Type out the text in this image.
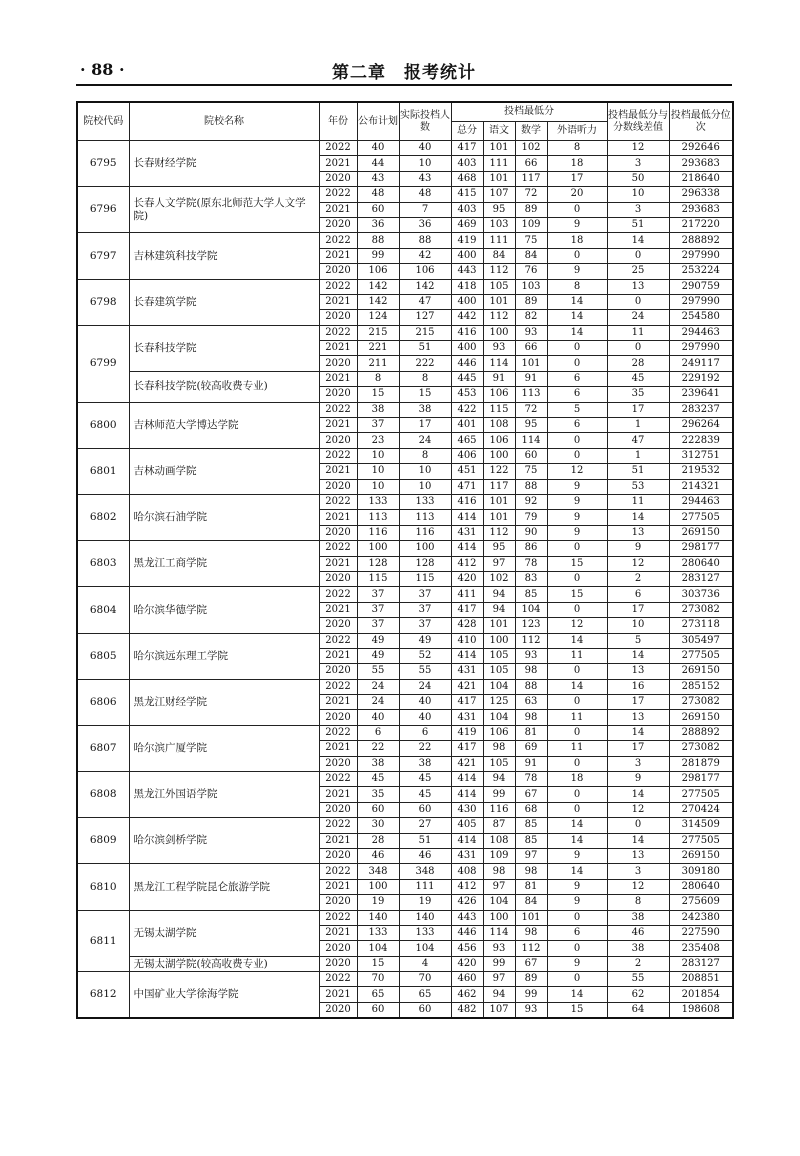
· 88 ·	第二章　报考统计
院校代码	院校名称	年份	公布计划	实际投档人数	投档最低分				投档最低分与分数线差值	投档最低分位次
					总分	语文	数学	外语听力		
6795	长春财经学院	2022	40	40	417	101	102	8	12	292646
		2021	44	10	403	111	66	18	3	293683
		2020	43	43	468	101	117	17	50	218640
6796	长春人文学院(原东北师范大学人文学院)	2022	48	48	415	107	72	20	10	296338
		2021	60	7	403	95	89	0	3	293683
		2020	36	36	469	103	109	9	51	217220
6797	吉林建筑科技学院	2022	88	88	419	111	75	18	14	288892
		2021	99	42	400	84	84	0	0	297990
		2020	106	106	443	112	76	9	25	253224
6798	长春建筑学院	2022	142	142	418	105	103	8	13	290759
		2021	142	47	400	101	89	14	0	297990
		2020	124	127	442	112	82	14	24	254580
6799	长春科技学院	2022	215	215	416	100	93	14	11	294463
		2021	221	51	400	93	66	0	0	297990
		2020	211	222	446	114	101	0	28	249117
	长春科技学院(较高收费专业)	2021	8	8	445	91	91	6	45	229192
		2020	15	15	453	106	113	6	35	239641
6800	吉林师范大学博达学院	2022	38	38	422	115	72	5	17	283237
		2021	37	17	401	108	95	6	1	296264
		2020	23	24	465	106	114	0	47	222839
6801	吉林动画学院	2022	10	8	406	100	60	0	1	312751
		2021	10	10	451	122	75	12	51	219532
		2020	10	10	471	117	88	9	53	214321
6802	哈尔滨石油学院	2022	133	133	416	101	92	9	11	294463
		2021	113	113	414	101	79	9	14	277505
		2020	116	116	431	112	90	9	13	269150
6803	黑龙江工商学院	2022	100	100	414	95	86	0	9	298177
		2021	128	128	412	97	78	15	12	280640
		2020	115	115	420	102	83	0	2	283127
6804	哈尔滨华德学院	2022	37	37	411	94	85	15	6	303736
		2021	37	37	417	94	104	0	17	273082
		2020	37	37	428	101	123	12	10	273118
6805	哈尔滨远东理工学院	2022	49	49	410	100	112	14	5	305497
		2021	49	52	414	105	93	11	14	277505
		2020	55	55	431	105	98	0	13	269150
6806	黑龙江财经学院	2022	24	24	421	104	88	14	16	285152
		2021	24	40	417	125	63	0	17	273082
		2020	40	40	431	104	98	11	13	269150
6807	哈尔滨广厦学院	2022	6	6	419	106	81	0	14	288892
		2021	22	22	417	98	69	11	17	273082
		2020	38	38	421	105	91	0	3	281879
6808	黑龙江外国语学院	2022	45	45	414	94	78	18	9	298177
		2021	35	45	414	99	67	0	14	277505
		2020	60	60	430	116	68	0	12	270424
6809	哈尔滨剑桥学院	2022	30	27	405	87	85	14	0	314509
		2021	28	51	414	108	85	14	14	277505
		2020	46	46	431	109	97	9	13	269150
6810	黑龙江工程学院昆仑旅游学院	2022	348	348	408	98	98	14	3	309180
		2021	100	111	412	97	81	9	12	280640
		2020	19	19	426	104	84	9	8	275609
6811	无锡太湖学院	2022	140	140	443	100	101	0	38	242380
		2021	133	133	446	114	98	6	46	227590
		2020	104	104	456	93	112	0	38	235408
	无锡太湖学院(较高收费专业)	2020	15	4	420	99	67	9	2	283127
6812	中国矿业大学徐海学院	2022	70	70	460	97	89	0	55	208851
		2021	65	65	462	94	99	14	62	201854
		2020	60	60	482	107	93	15	64	198608
